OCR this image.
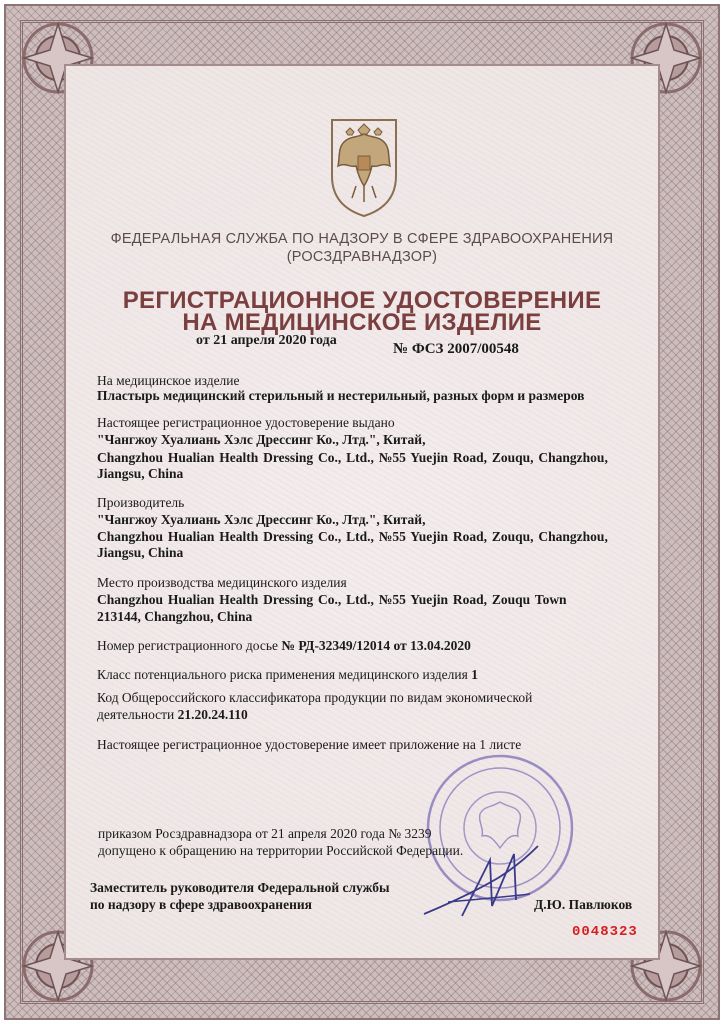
ФЕДЕРАЛЬНАЯ СЛУЖБА ПО НАДЗОРУ В СФЕРЕ ЗДРАВООХРАНЕНИЯ
(РОСЗДРАВНАДЗОР)
РЕГИСТРАЦИОННОЕ УДОСТОВЕРЕНИЕ
НА МЕДИЦИНСКОЕ ИЗДЕЛИЕ
от 21 апреля 2020 года
№ ФСЗ 2007/00548
На медицинское изделие
Пластырь медицинский стерильный и нестерильный, разных форм и размеров
Настоящее регистрационное удостоверение выдано
"Чангжоу Хуалиань Хэлс Дрессинг Ко., Лтд.", Китай,
Changzhou Hualian Health Dressing Co., Ltd., №55 Yuejin Road, Zouqu, Changzhou,
Jiangsu, China
Производитель
"Чангжоу Хуалиань Хэлс Дрессинг Ко., Лтд.", Китай,
Changzhou Hualian Health Dressing Co., Ltd., №55 Yuejin Road, Zouqu, Changzhou,
Jiangsu, China
Место производства медицинского изделия
Changzhou Hualian Health Dressing Co., Ltd., №55 Yuejin Road, Zouqu Town
213144, Changzhou, China
Номер регистрационного досье № РД-32349/12014 от 13.04.2020
Класс потенциального риска применения медицинского изделия 1
Код Общероссийского классификатора продукции по видам экономической
деятельности 21.20.24.110
Настоящее регистрационное удостоверение имеет приложение на 1 листе
приказом Росздравнадзора от 21 апреля 2020 года № 3239
допущено к обращению на территории Российской Федерации.
Заместитель руководителя Федеральной службы
по надзору в сфере здравоохранения	Д.Ю. Павлюков
0048323
